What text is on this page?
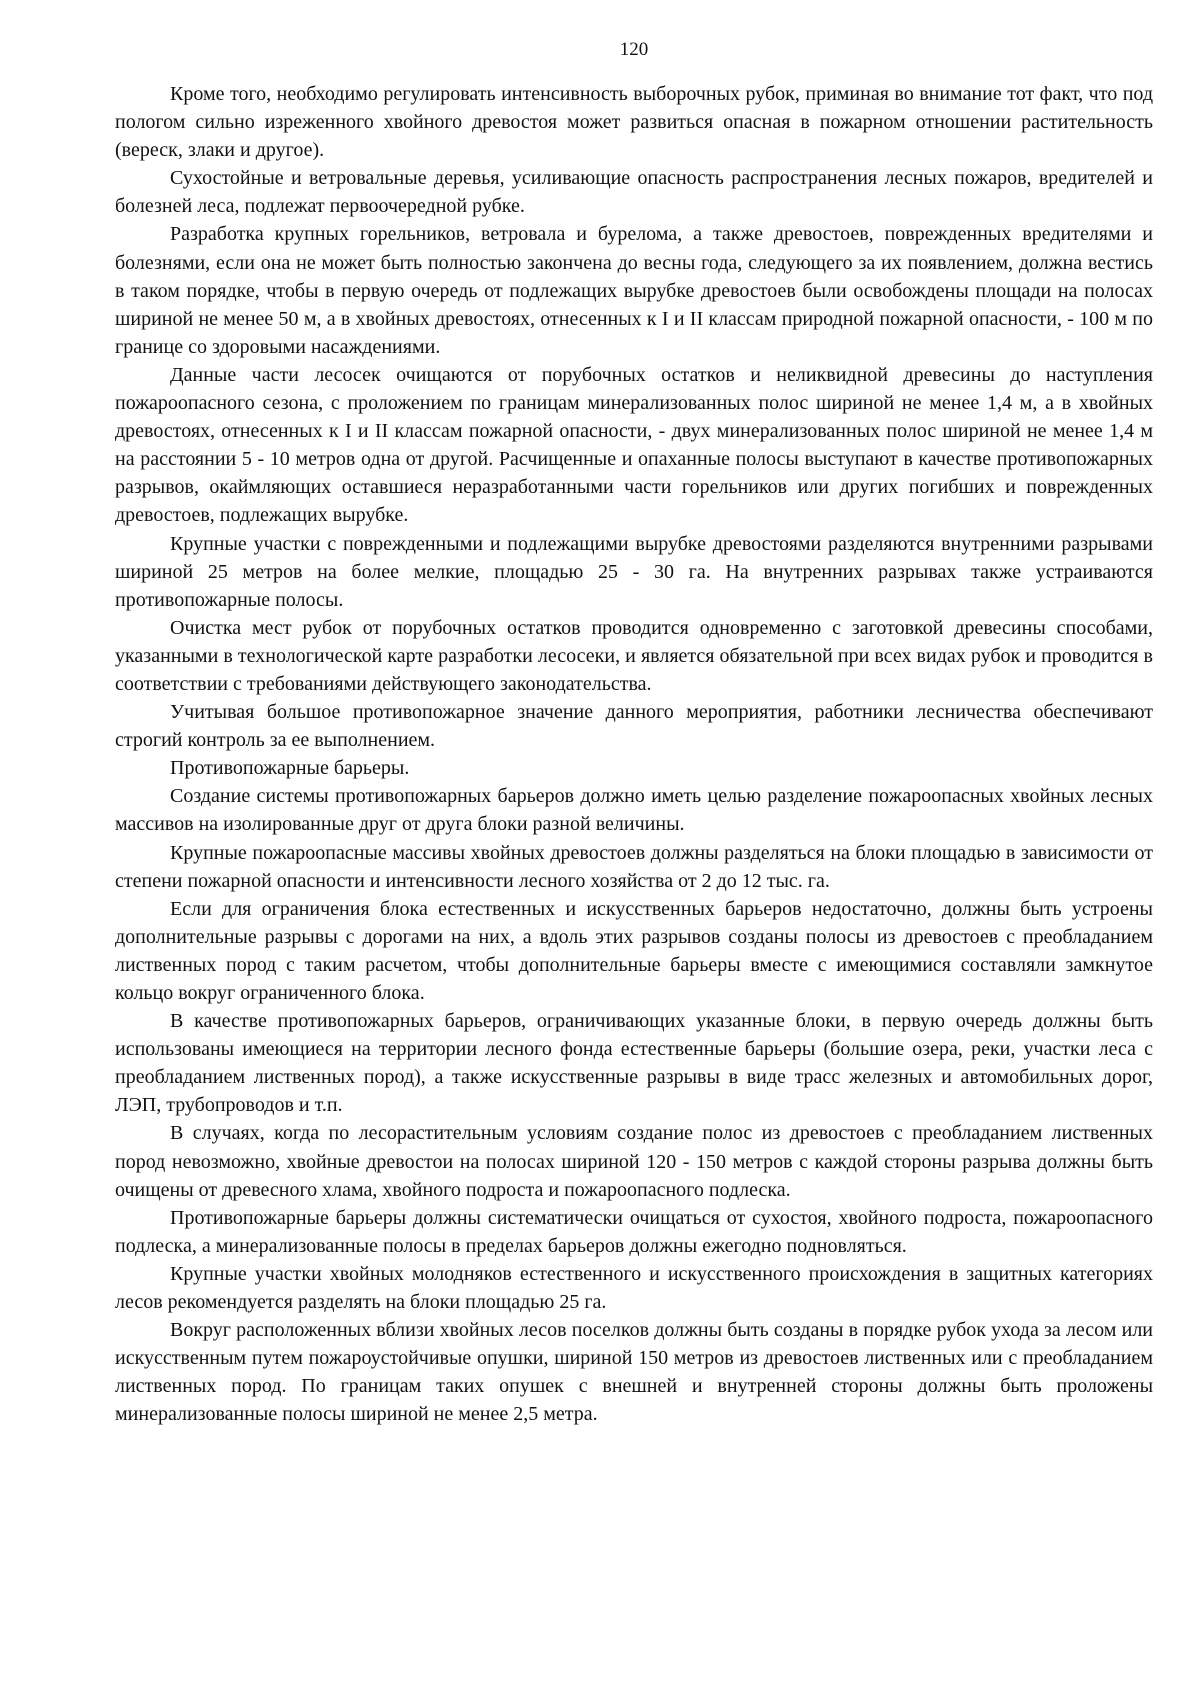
120

Кроме того, необходимо регулировать интенсивность выборочных рубок, приминая во внимание тот факт, что под пологом сильно изреженного хвойного древостоя может развиться опасная в пожарном отношении растительность (вереск, злаки и другое).

Сухостойные и ветровальные деревья, усиливающие опасность распространения лесных пожаров, вредителей и болезней леса, подлежат первоочередной рубке.

Разработка крупных горельников, ветровала и бурелома, а также древостоев, поврежденных вредителями и болезнями, если она не может быть полностью закончена до весны года, следующего за их появлением, должна вестись в таком порядке, чтобы в первую очередь от подлежащих вырубке древостоев были освобождены площади на полосах шириной не менее 50 м, а в хвойных древостоях, отнесенных к I и II классам природной пожарной опасности, - 100 м по границе со здоровыми насаждениями.

Данные части лесосек очищаются от порубочных остатков и неликвидной древесины до наступления пожароопасного сезона, с проложением по границам минерализованных полос шириной не менее 1,4 м, а в хвойных древостоях, отнесенных к I и II классам пожарной опасности, - двух минерализованных полос шириной не менее 1,4 м на расстоянии 5 - 10 метров одна от другой. Расчищенные и опаханные полосы выступают в качестве противопожарных разрывов, окаймляющих оставшиеся неразработанными части горельников или других погибших и поврежденных древостоев, подлежащих вырубке.

Крупные участки с поврежденными и подлежащими вырубке древостоями разделяются внутренними разрывами шириной 25 метров на более мелкие, площадью 25 - 30 га. На внутренних разрывах также устраиваются противопожарные полосы.

Очистка мест рубок от порубочных остатков проводится одновременно с заготовкой древесины способами, указанными в технологической карте разработки лесосеки, и является обязательной при всех видах рубок и проводится в соответствии с требованиями действующего законодательства.

Учитывая большое противопожарное значение данного мероприятия, работники лесничества обеспечивают строгий контроль за ее выполнением.

Противопожарные барьеры.

Создание системы противопожарных барьеров должно иметь целью разделение пожароопасных хвойных лесных массивов на изолированные друг от друга блоки разной величины.

Крупные пожароопасные массивы хвойных древостоев должны разделяться на блоки площадью в зависимости от степени пожарной опасности и интенсивности лесного хозяйства от 2 до 12 тыс. га.

Если для ограничения блока естественных и искусственных барьеров недостаточно, должны быть устроены дополнительные разрывы с дорогами на них, а вдоль этих разрывов созданы полосы из древостоев с преобладанием лиственных пород с таким расчетом, чтобы дополнительные барьеры вместе с имеющимися составляли замкнутое кольцо вокруг ограниченного блока.

В качестве противопожарных барьеров, ограничивающих указанные блоки, в первую очередь должны быть использованы имеющиеся на территории лесного фонда естественные барьеры (большие озера, реки, участки леса с преобладанием лиственных пород), а также искусственные разрывы в виде трасс железных и автомобильных дорог, ЛЭП, трубопроводов и т.п.

В случаях, когда по лесорастительным условиям создание полос из древостоев с преобладанием лиственных пород невозможно, хвойные древостои на полосах шириной 120 - 150 метров с каждой стороны разрыва должны быть очищены от древесного хлама, хвойного подроста и пожароопасного подлеска.

Противопожарные барьеры должны систематически очищаться от сухостоя, хвойного подроста, пожароопасного подлеска, а минерализованные полосы в пределах барьеров должны ежегодно подновляться.

Крупные участки хвойных молодняков естественного и искусственного происхождения в защитных категориях лесов рекомендуется разделять на блоки площадью 25 га.

Вокруг расположенных вблизи хвойных лесов поселков должны быть созданы в порядке рубок ухода за лесом или искусственным путем пожароустойчивые опушки, шириной 150 метров из древостоев лиственных или с преобладанием лиственных пород. По границам таких опушек с внешней и внутренней стороны должны быть проложены минерализованные полосы шириной не менее 2,5 метра.
